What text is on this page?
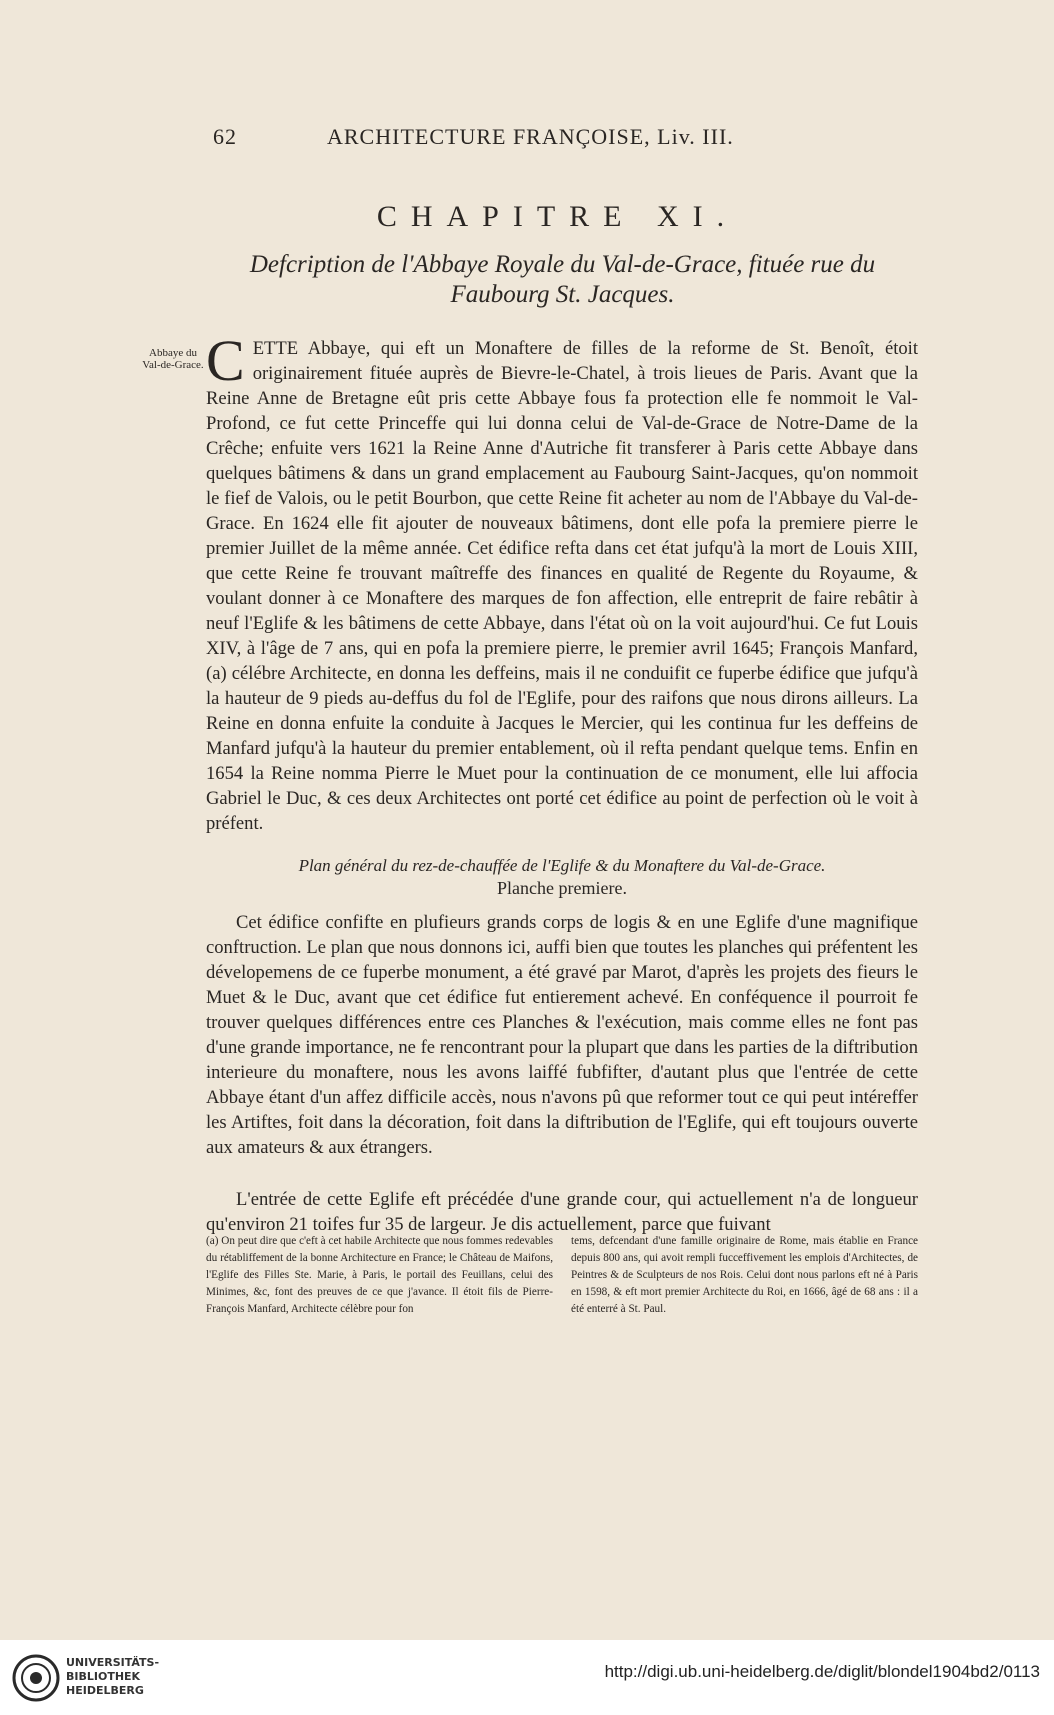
62	ARCHITECTURE FRANÇOISE, Liv. III.
CHAPITRE XI.
Defcription de l'Abbaye Royale du Val-de-Grace, fituée rue du Faubourg St. Jacques.
Abbaye du Val-de-Grace. CETTE Abbaye, qui eft un Monaftere de filles de la reforme de St. Benoît, étoit originairement fituée auprès de Bievre-le-Chatel, à trois lieues de Paris. Avant que la Reine Anne de Bretagne eût pris cette Abbaye fous fa protection elle fe nommoit le Val-Profond, ce fut cette Princeffe qui lui donna celui de Val-de-Grace de Notre-Dame de la Crêche; enfuite vers 1621 la Reine Anne d'Autriche fit transferer à Paris cette Abbaye dans quelques bâtimens & dans un grand emplacement au Faubourg Saint-Jacques, qu'on nommoit le fief de Valois, ou le petit Bourbon, que cette Reine fit acheter au nom de l'Abbaye du Val-de-Grace. En 1624 elle fit ajouter de nouveaux bâtimens, dont elle pofa la premiere pierre le premier Juillet de la même année. Cet édifice refta dans cet état jufqu'à la mort de Louis XIII, que cette Reine fe trouvant maîtreffe des finances en qualité de Regente du Royaume, & voulant donner à ce Monaftere des marques de fon affection, elle entreprit de faire rebâtir à neuf l'Eglife & les bâtimens de cette Abbaye, dans l'état où on la voit aujourd'hui. Ce fut Louis XIV, à l'âge de 7 ans, qui en pofa la premiere pierre, le premier avril 1645; François Manfard, (a) célébre Architecte, en donna les deffeins, mais il ne conduifit ce fuperbe édifice que jufqu'à la hauteur de 9 pieds au-deffus du fol de l'Eglife, pour des raifons que nous dirons ailleurs. La Reine en donna enfuite la conduite à Jacques le Mercier, qui les continua fur les deffeins de Manfard jufqu'à la hauteur du premier entablement, où il refta pendant quelque tems. Enfin en 1654 la Reine nomma Pierre le Muet pour la continuation de ce monument, elle lui affocia Gabriel le Duc, & ces deux Architectes ont porté cet édifice au point de perfection où le voit à préfent.
Plan général du rez-de-chauffée de l'Eglife & du Monaftere du Val-de-Grace.
Planche premiere.
Cet édifice confifte en plufieurs grands corps de logis & en une Eglife d'une magnifique conftruction. Le plan que nous donnons ici, auffi bien que toutes les planches qui préfentent les dévelopemens de ce fuperbe monument, a été gravé par Marot, d'après les projets des fieurs le Muet & le Duc, avant que cet édifice fut entierement achevé. En conféquence il pourroit fe trouver quelques différences entre ces Planches & l'exécution, mais comme elles ne font pas d'une grande importance, ne fe rencontrant pour la plupart que dans les parties de la diftribution interieure du monaftere, nous les avons laiffé fubfifter, d'autant plus que l'entrée de cette Abbaye étant d'un affez difficile accès, nous n'avons pû que reformer tout ce qui peut intéreffer les Artiftes, foit dans la décoration, foit dans la diftribution de l'Eglife, qui eft toujours ouverte aux amateurs & aux étrangers.
L'entrée de cette Eglife eft précédée d'une grande cour, qui actuellement n'a de longueur qu'environ 21 toifes fur 35 de largeur. Je dis actuellement, parce que fuivant
(a) On peut dire que c'eft à cet habile Architecte que nous fommes redevables du rétabliffement de la bonne Architecture en France; le Château de Maifons, l'Eglife des Filles Ste. Marie, à Paris, le portail des Feuillans, celui des Minimes, &c, font des preuves de ce que j'avance. Il étoit fils de Pierre-François Manfard, Architecte célèbre pour fon
tems, defcendant d'une famille originaire de Rome, mais établie en France depuis 800 ans, qui avoit rempli fucceffivement les emplois d'Architectes, de Peintres & de Sculpteurs de nos Rois. Celui dont nous parlons eft né à Paris en 1598, & eft mort premier Architecte du Roi, en 1666, âgé de 68 ans : il a été enterré à St. Paul.
UNIVERSITÄTS-
BIBLIOTHEK
HEIDELBERG
http://digi.ub.uni-heidelberg.de/diglit/blondel1904bd2/0113
